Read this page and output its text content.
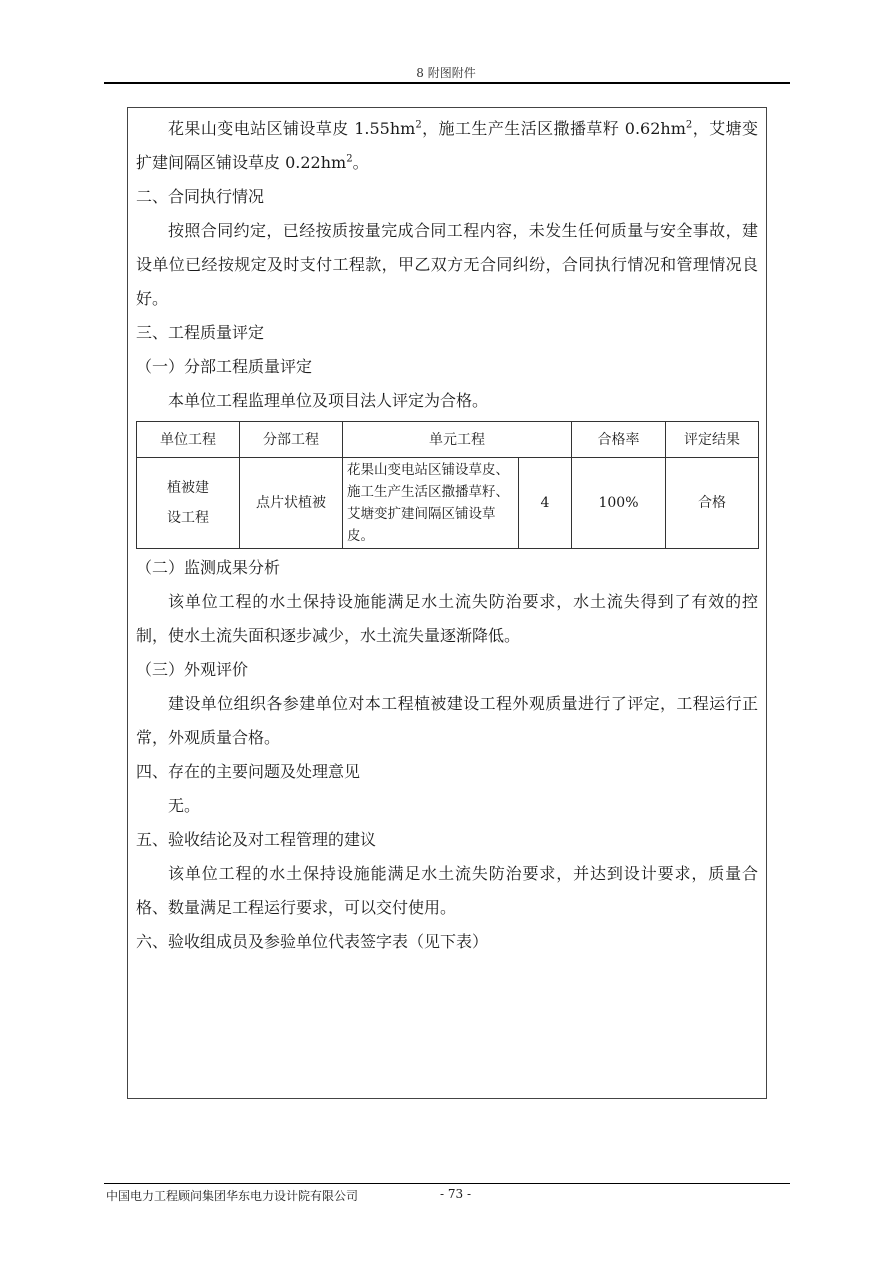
8 附图附件

花果山变电站区铺设草皮 $1.55hm^2$，施工生产生活区撒播草籽 $0.62hm^2$，艾塘变扩建间隔区铺设草皮 $0.22hm^2$。

二、合同执行情况

按照合同约定，已经按质按量完成合同工程内容，未发生任何质量与安全事故，建设单位已经按规定及时支付工程款，甲乙双方无合同纠纷，合同执行情况和管理情况良好。

三、工程质量评定

（一）分部工程质量评定

本单位工程监理单位及项目法人评定为合格。

单位工程	分部工程	单元工程		合格率	评定结果
植被建设工程	点片状植被	花果山变电站区铺设草皮、施工生产生活区撒播草籽、艾塘变扩建间隔区铺设草皮。	4	100%	合格

（二）监测成果分析

该单位工程的水土保持设施能满足水土流失防治要求，水土流失得到了有效的控制，使水土流失面积逐步减少，水土流失量逐渐降低。

（三）外观评价

建设单位组织各参建单位对本工程植被建设工程外观质量进行了评定，工程运行正常，外观质量合格。

四、存在的主要问题及处理意见

无。

五、验收结论及对工程管理的建议

该单位工程的水土保持设施能满足水土流失防治要求，并达到设计要求，质量合格、数量满足工程运行要求，可以交付使用。

六、验收组成员及参验单位代表签字表（见下表）

中国电力工程顾问集团华东电力设计院有限公司	- 73 -
